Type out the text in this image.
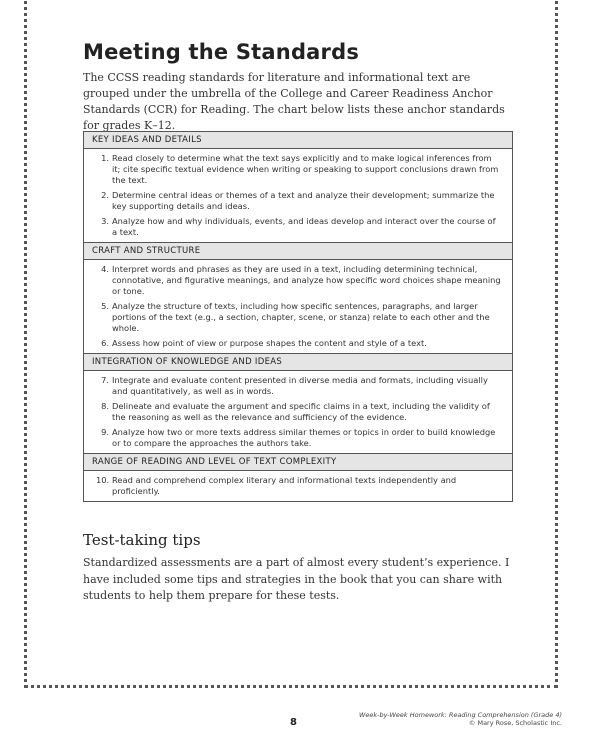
Meeting the Standards

The CCSS reading standards for literature and informational text are grouped under the umbrella of the College and Career Readiness Anchor Standards (CCR) for Reading. The chart below lists these anchor standards for grades K–12.

KEY IDEAS AND DETAILS
1. Read closely to determine what the text says explicitly and to make logical inferences from it; cite specific textual evidence when writing or speaking to support conclusions drawn from the text.
2. Determine central ideas or themes of a text and analyze their development; summarize the key supporting details and ideas.
3. Analyze how and why individuals, events, and ideas develop and interact over the course of a text.
CRAFT AND STRUCTURE
4. Interpret words and phrases as they are used in a text, including determining technical, connotative, and figurative meanings, and analyze how specific word choices shape meaning or tone.
5. Analyze the structure of texts, including how specific sentences, paragraphs, and larger portions of the text (e.g., a section, chapter, scene, or stanza) relate to each other and the whole.
6. Assess how point of view or purpose shapes the content and style of a text.
INTEGRATION OF KNOWLEDGE AND IDEAS
7. Integrate and evaluate content presented in diverse media and formats, including visually and quantitatively, as well as in words.
8. Delineate and evaluate the argument and specific claims in a text, including the validity of the reasoning as well as the relevance and sufficiency of the evidence.
9. Analyze how two or more texts address similar themes or topics in order to build knowledge or to compare the approaches the authors take.
RANGE OF READING AND LEVEL OF TEXT COMPLEXITY
10. Read and comprehend complex literary and informational texts independently and proficiently.
Test-taking tips

Standardized assessments are a part of almost every student’s experience. I have included some tips and strategies in the book that you can share with students to help them prepare for these tests.

8
Week-by-Week Homework: Reading Comprehension (Grade 4)
© Mary Rose, Scholastic Inc.
